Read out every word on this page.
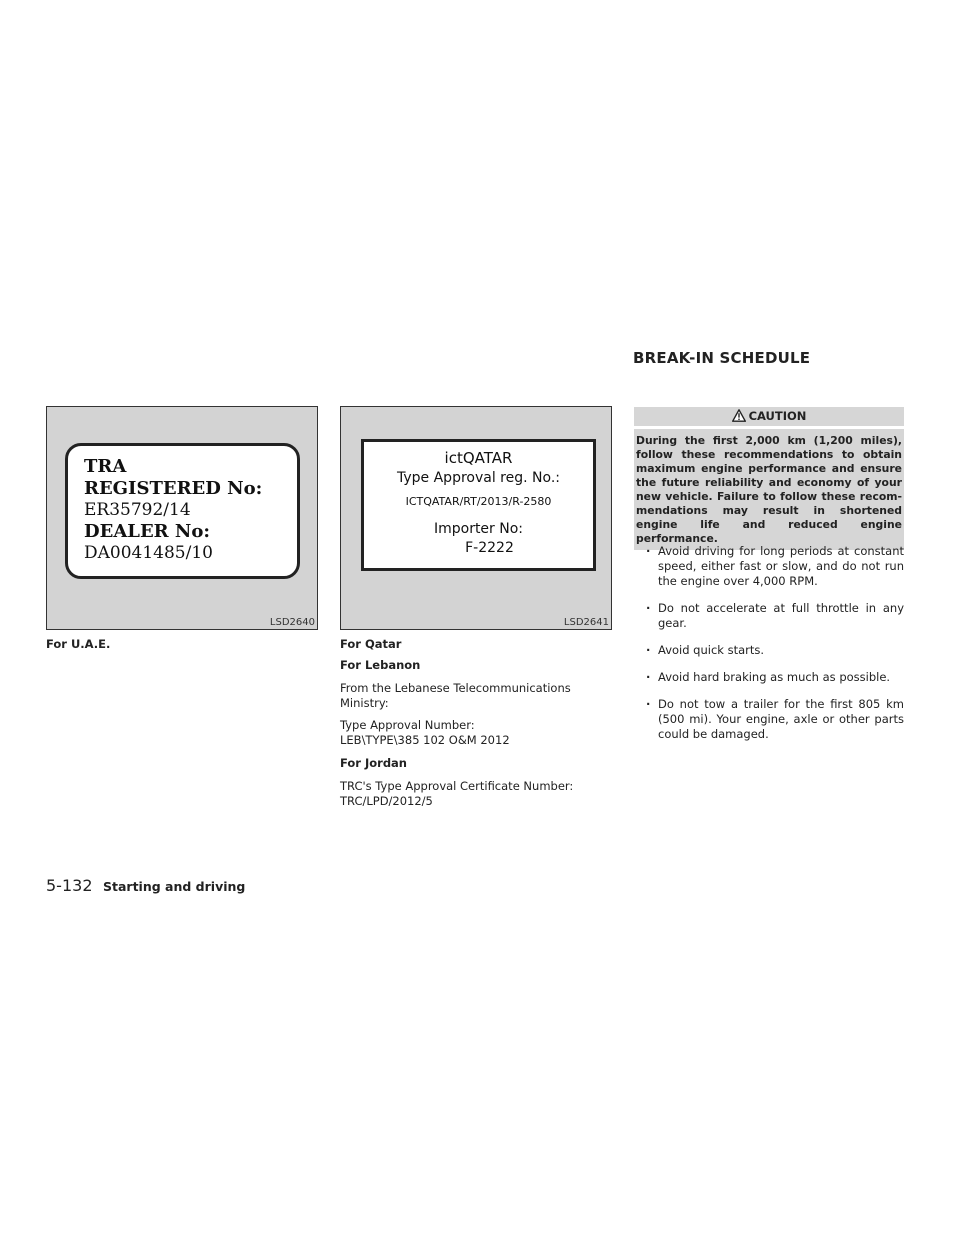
BREAK-IN SCHEDULE
TRA
REGISTERED No:
ER35792/14
DEALER No:
DA0041485/10
LSD2640
For U.A.E.
ictQATAR
Type Approval reg. No.:
ICTQATAR/RT/2013/R-2580
Importer No:
F-2222
LSD2641
For Qatar
For Lebanon
From the Lebanese Telecommunications Ministry:
Type Approval Number:
LEB\TYPE\385 102 O&M 2012
For Jordan
TRC's Type Approval Certificate Number:
TRC/LPD/2012/5
CAUTION
During the first 2,000 km (1,200 miles), follow these recommendations to obtain maximum engine performance and ensure the future reliability and economy of your new vehicle. Failure to follow these recom- mendations may result in shortened engine life and reduced engine performance.
· Avoid driving for long periods at constant speed, either fast or slow, and do not run the engine over 4,000 RPM.
· Do not accelerate at full throttle in any gear.
· Avoid quick starts.
· Avoid hard braking as much as possible.
· Do not tow a trailer for the first 805 km (500 mi). Your engine, axle or other parts could be damaged.
5-132 Starting and driving
